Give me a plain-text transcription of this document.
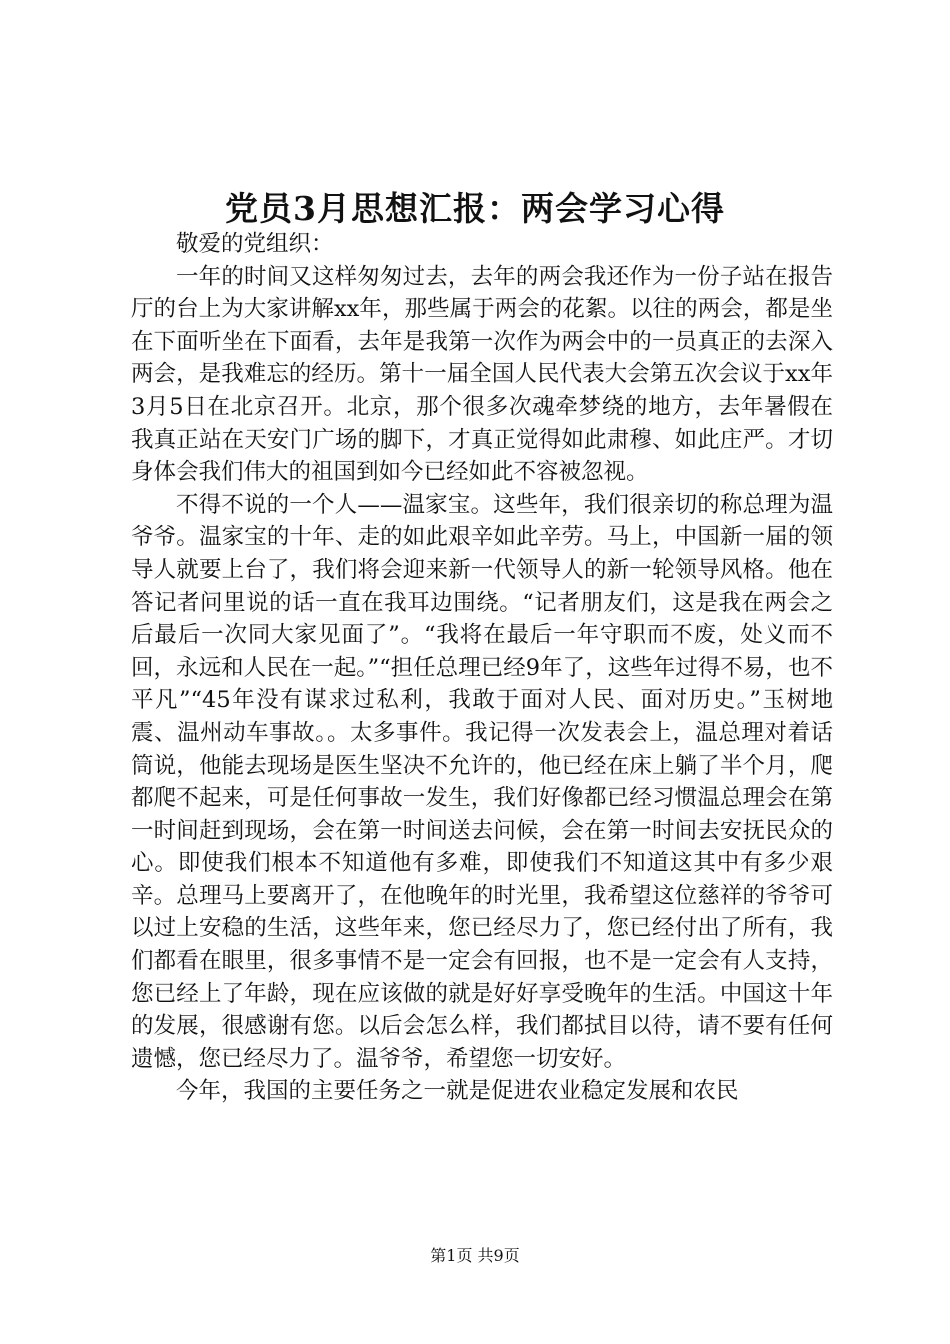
党员3月思想汇报：两会学习心得

敬爱的党组织：

一年的时间又这样匆匆过去，去年的两会我还作为一份子站在报告厅的台上为大家讲解xx年，那些属于两会的花絮。以往的两会，都是坐在下面听坐在下面看，去年是我第一次作为两会中的一员真正的去深入两会，是我难忘的经历。第十一届全国人民代表大会第五次会议于xx年3月5日在北京召开。北京，那个很多次魂牵梦绕的地方，去年暑假在我真正站在天安门广场的脚下，才真正觉得如此肃穆、如此庄严。才切身体会我们伟大的祖国到如今已经如此不容被忽视。

不得不说的一个人——温家宝。这些年，我们很亲切的称总理为温爷爷。温家宝的十年、走的如此艰辛如此辛劳。马上，中国新一届的领导人就要上台了，我们将会迎来新一代领导人的新一轮领导风格。他在答记者问里说的话一直在我耳边围绕。“记者朋友们，这是我在两会之后最后一次同大家见面了”。“我将在最后一年守职而不废，处义而不回，永远和人民在一起。”“担任总理已经9年了，这些年过得不易，也不平凡”“45年没有谋求过私利，我敢于面对人民、面对历史。”玉树地震、温州动车事故。。太多事件。我记得一次发表会上，温总理对着话筒说，他能去现场是医生坚决不允许的，他已经在床上躺了半个月，爬都爬不起来，可是任何事故一发生，我们好像都已经习惯温总理会在第一时间赶到现场，会在第一时间送去问候，会在第一时间去安抚民众的心。即使我们根本不知道他有多难，即使我们不知道这其中有多少艰辛。总理马上要离开了，在他晚年的时光里，我希望这位慈祥的爷爷可以过上安稳的生活，这些年来，您已经尽力了，您已经付出了所有，我们都看在眼里，很多事情不是一定会有回报，也不是一定会有人支持，您已经上了年龄，现在应该做的就是好好享受晚年的生活。中国这十年的发展，很感谢有您。以后会怎么样，我们都拭目以待，请不要有任何遗憾，您已经尽力了。温爷爷，希望您一切安好。

今年，我国的主要任务之一就是促进农业稳定发展和农民

第1页 共9页
